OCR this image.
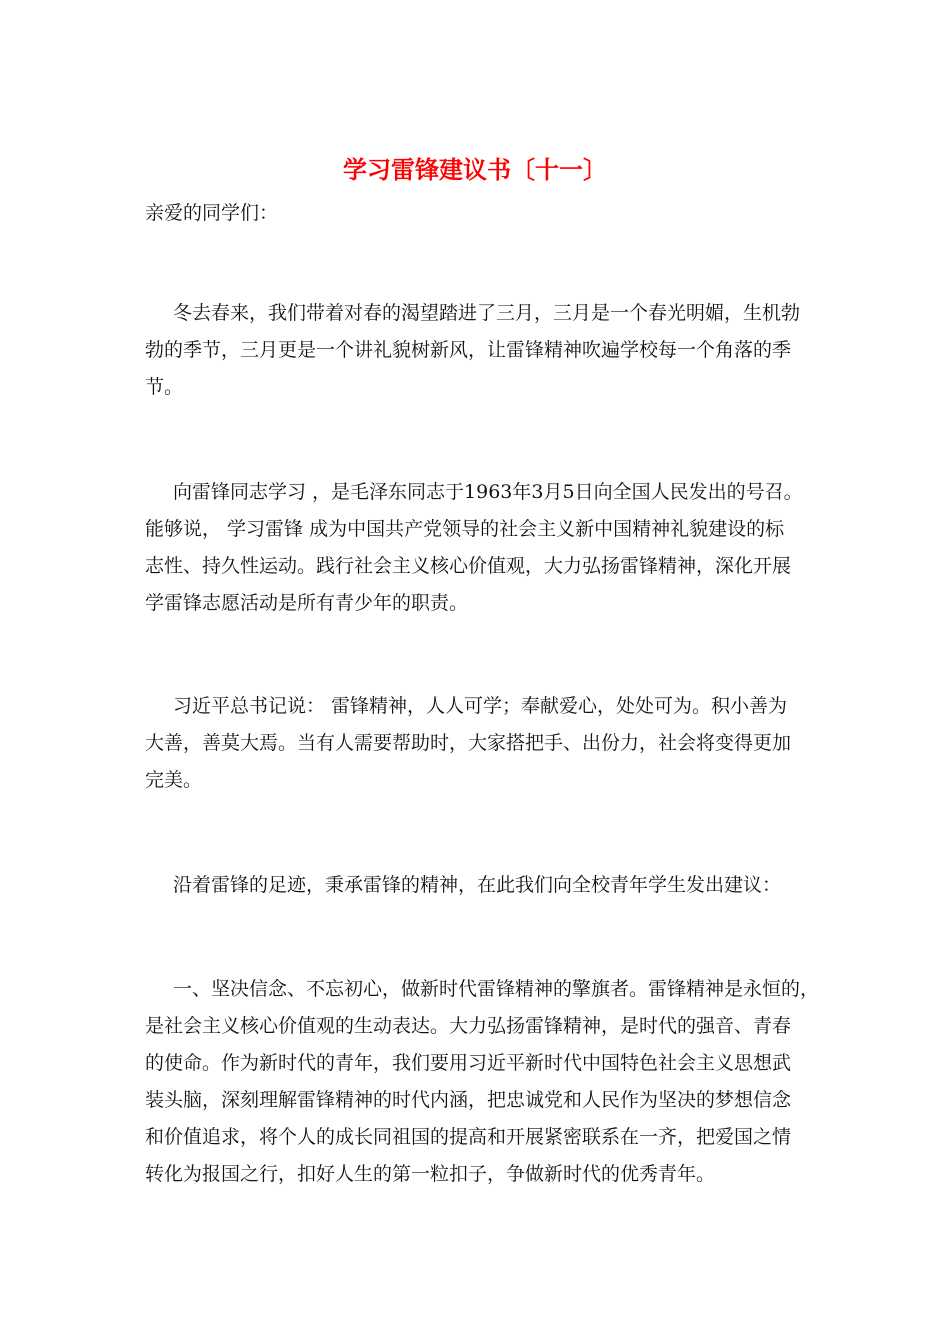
学习雷锋建议书〔十一〕
亲爱的同学们：
冬去春来，我们带着对春的渴望踏进了三月，三月是一个春光明媚，生机勃
勃的季节，三月更是一个讲礼貌树新风，让雷锋精神吹遍学校每一个角落的季
节。
向雷锋同志学习 ，是毛泽东同志于1963年3月5日向全国人民发出的号召。
能够说， 学习雷锋 成为中国共产党领导的社会主义新中国精神礼貌建设的标
志性、持久性运动。践行社会主义核心价值观，大力弘扬雷锋精神，深化开展
学雷锋志愿活动是所有青少年的职责。
习近平总书记说： 雷锋精神，人人可学；奉献爱心，处处可为。积小善为
大善，善莫大焉。当有人需要帮助时，大家搭把手、出份力，社会将变得更加
完美。
沿着雷锋的足迹，秉承雷锋的精神，在此我们向全校青年学生发出建议：
一、坚决信念、不忘初心，做新时代雷锋精神的擎旗者。雷锋精神是永恒的，
是社会主义核心价值观的生动表达。大力弘扬雷锋精神，是时代的强音、青春
的使命。作为新时代的青年，我们要用习近平新时代中国特色社会主义思想武
装头脑，深刻理解雷锋精神的时代内涵，把忠诚党和人民作为坚决的梦想信念
和价值追求，将个人的成长同祖国的提高和开展紧密联系在一齐，把爱国之情
转化为报国之行，扣好人生的第一粒扣子，争做新时代的优秀青年。
